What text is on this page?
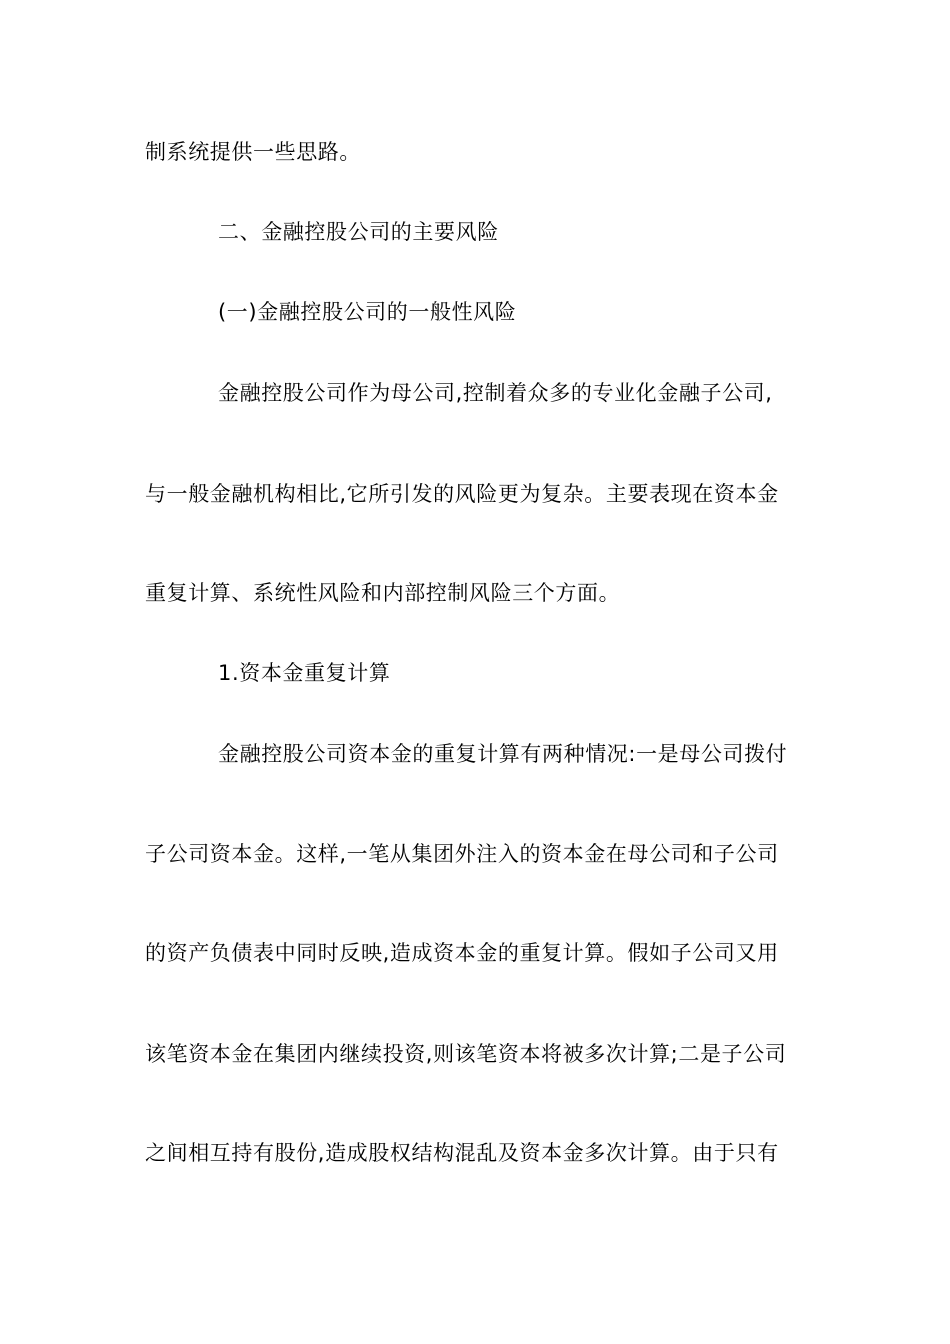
制系统提供一些思路。
二、金融控股公司的主要风险
(一)金融控股公司的一般性风险
金融控股公司作为母公司,控制着众多的专业化金融子公司,
与一般金融机构相比,它所引发的风险更为复杂。主要表现在资本金
重复计算、系统性风险和内部控制风险三个方面。
1.资本金重复计算
金融控股公司资本金的重复计算有两种情况:一是母公司拨付
子公司资本金。这样,一笔从集团外注入的资本金在母公司和子公司
的资产负债表中同时反映,造成资本金的重复计算。假如子公司又用
该笔资本金在集团内继续投资,则该笔资本将被多次计算;二是子公司
之间相互持有股份,造成股权结构混乱及资本金多次计算。由于只有
